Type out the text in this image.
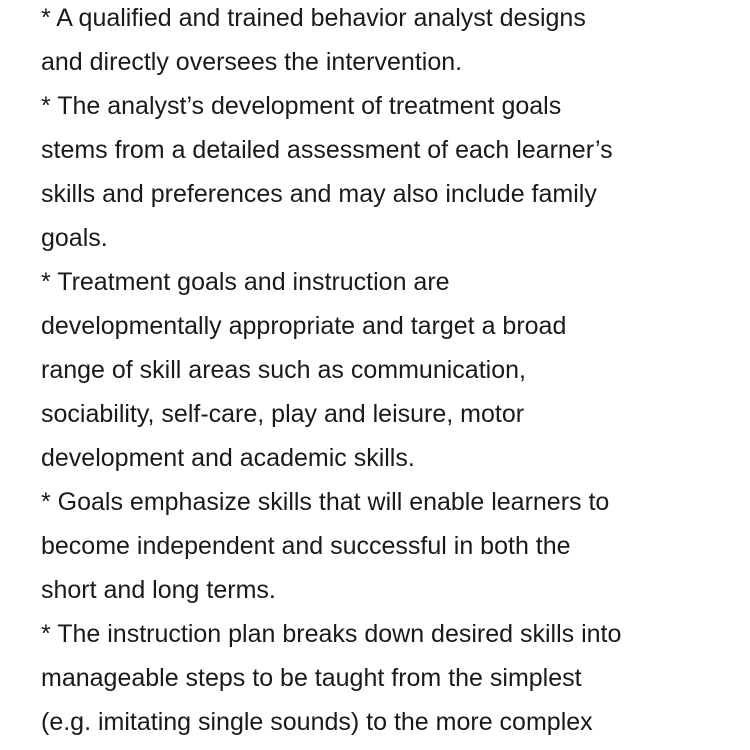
* A qualified and trained behavior analyst designs
and directly oversees the intervention.
* The analyst’s development of treatment goals
stems from a detailed assessment of each learner’s
skills and preferences and may also include family
goals.
* Treatment goals and instruction are
developmentally appropriate and target a broad
range of skill areas such as communication,
sociability, self-care, play and leisure, motor
development and academic skills.
* Goals emphasize skills that will enable learners to
become independent and successful in both the
short and long terms.
* The instruction plan breaks down desired skills into
manageable steps to be taught from the simplest
(e.g. imitating single sounds) to the more complex
